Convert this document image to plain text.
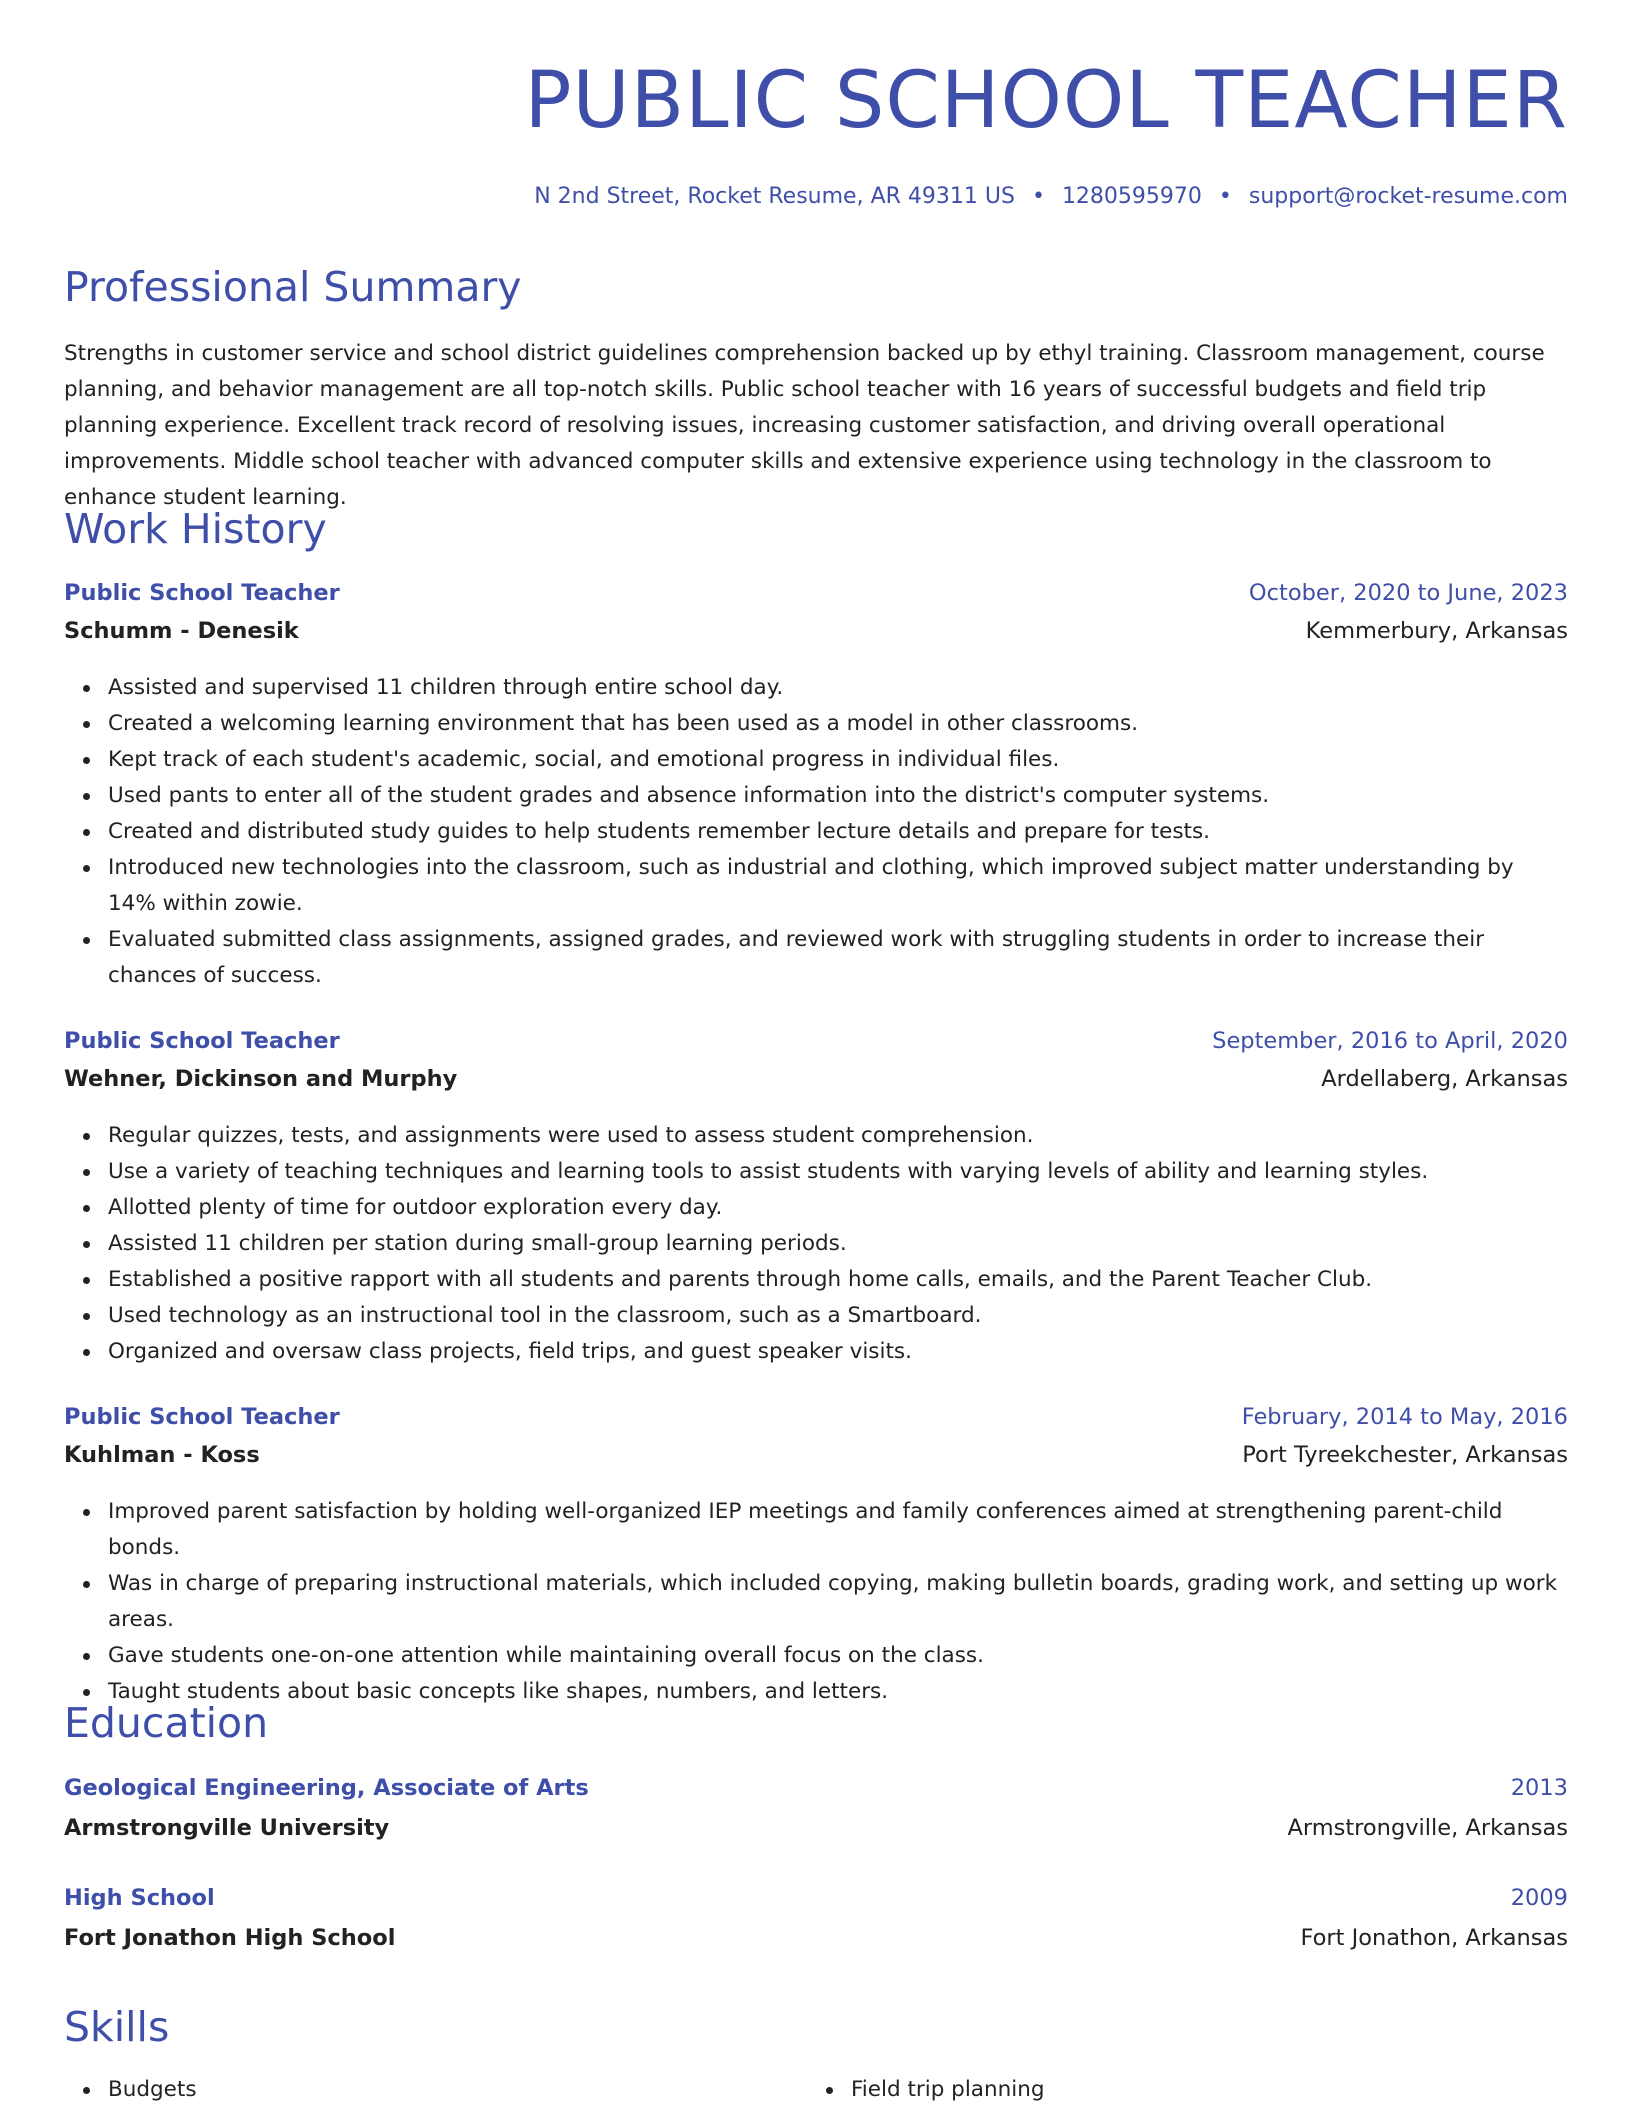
PUBLIC SCHOOL TEACHER
N 2nd Street, Rocket Resume, AR 49311 US • 1280595970 • support@rocket-resume.com
Professional Summary

Strengths in customer service and school district guidelines comprehension backed up by ethyl training. Classroom management, course planning, and behavior management are all top-notch skills. Public school teacher with 16 years of successful budgets and field trip planning experience. Excellent track record of resolving issues, increasing customer satisfaction, and driving overall operational improvements. Middle school teacher with advanced computer skills and extensive experience using technology in the classroom to enhance student learning.

Work History
Public School Teacher	October, 2020 to June, 2023
Schumm - Denesik	Kemmerbury, Arkansas
Assisted and supervised 11 children through entire school day.
Created a welcoming learning environment that has been used as a model in other classrooms.
Kept track of each student's academic, social, and emotional progress in individual files.
Used pants to enter all of the student grades and absence information into the district's computer systems.
Created and distributed study guides to help students remember lecture details and prepare for tests.
Introduced new technologies into the classroom, such as industrial and clothing, which improved subject matter understanding by 14% within zowie.
Evaluated submitted class assignments, assigned grades, and reviewed work with struggling students in order to increase their chances of success.
Public School Teacher	September, 2016 to April, 2020
Wehner, Dickinson and Murphy	Ardellaberg, Arkansas
Regular quizzes, tests, and assignments were used to assess student comprehension.
Use a variety of teaching techniques and learning tools to assist students with varying levels of ability and learning styles.
Allotted plenty of time for outdoor exploration every day.
Assisted 11 children per station during small-group learning periods.
Established a positive rapport with all students and parents through home calls, emails, and the Parent Teacher Club.
Used technology as an instructional tool in the classroom, such as a Smartboard.
Organized and oversaw class projects, field trips, and guest speaker visits.
Public School Teacher	February, 2014 to May, 2016
Kuhlman - Koss	Port Tyreekchester, Arkansas
Improved parent satisfaction by holding well-organized IEP meetings and family conferences aimed at strengthening parent-child bonds.
Was in charge of preparing instructional materials, which included copying, making bulletin boards, grading work, and setting up work areas.
Gave students one-on-one attention while maintaining overall focus on the class.
Taught students about basic concepts like shapes, numbers, and letters.
Education
Geological Engineering, Associate of Arts	2013
Armstrongville University	Armstrongville, Arkansas
High School	2009
Fort Jonathon High School	Fort Jonathon, Arkansas
Skills
Budgets	Field trip planning
